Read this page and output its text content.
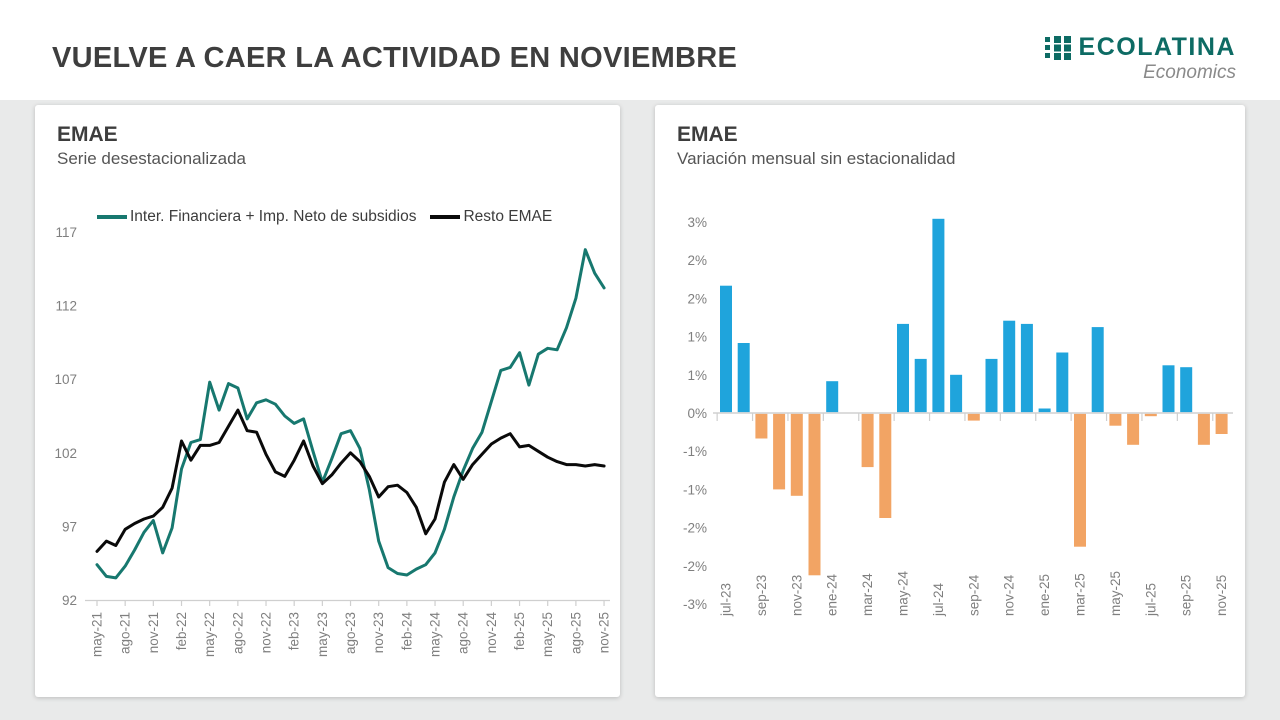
VUELVE A CAER LA ACTIVIDAD EN NOVIEMBRE	ECOLATINA
Economics
EMAE
Serie desestacionalizada
Inter. Financiera + Imp. Neto de subsidios	Resto EMAE
117
112
107
102
97
92
may-21 ago-21 nov-21 feb-22 may-22 ago-22 nov-22 feb-23 may-23 ago-23 nov-23 feb-24 may-24 ago-24 nov-24 feb-25 may-25 ago-25 nov-25
EMAE
Variación mensual sin estacionalidad
3%
2%
2%
1%
1%
0%
-1%
-1%
-2%
-2%
-3% jul-23 sep-23 nov-23 ene-24 mar-24 may-24 jul-24 sep-24 nov-24 ene-25 mar-25 may-25 jul-25 sep-25 nov-25
